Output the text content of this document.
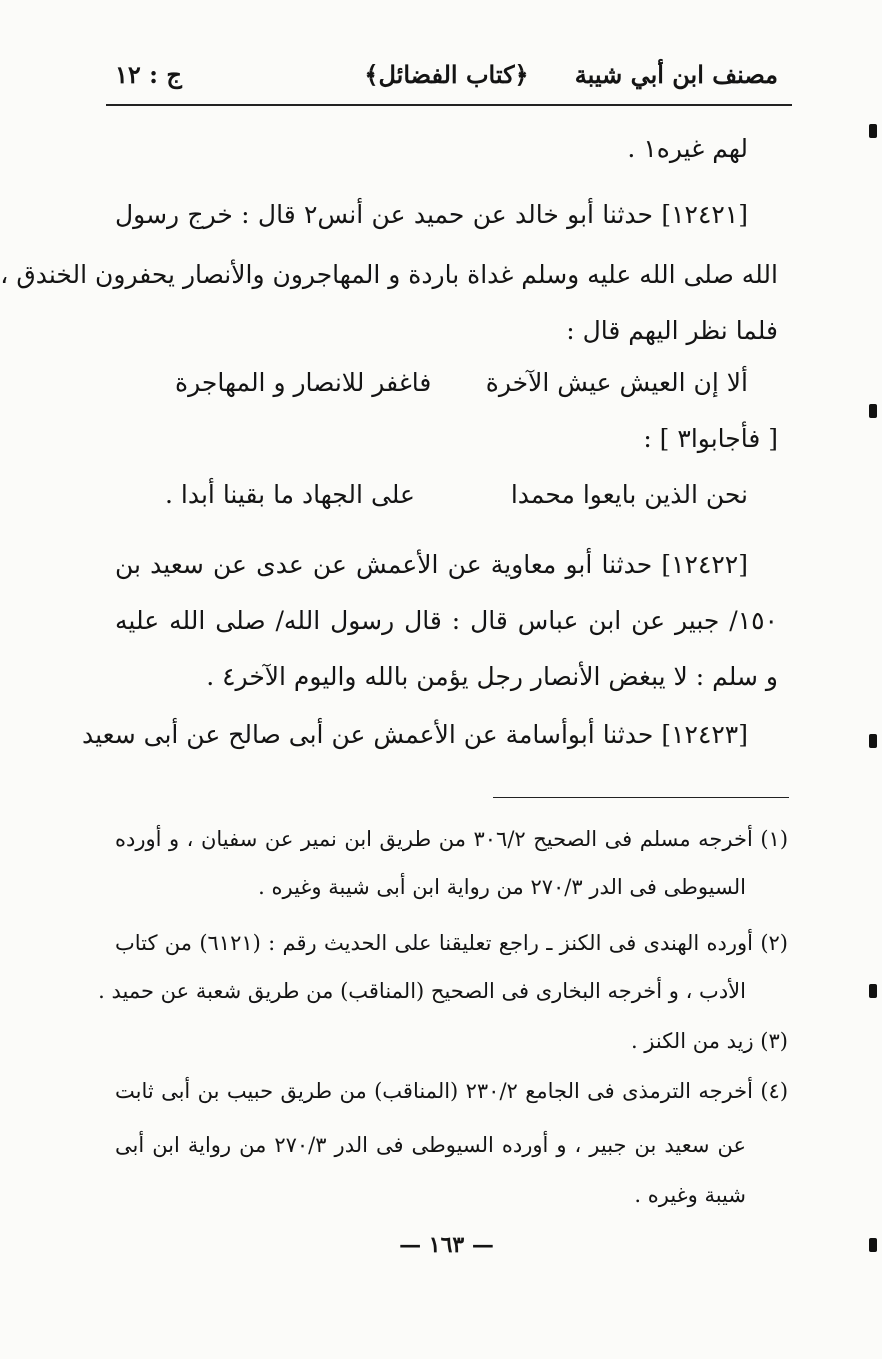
مصنف ابن أبي شيبة
﴿كتاب الفضائل﴾
ج : ١٢
لهم غيره١ .
[١٢٤٢١] حدثنا أبو خالد عن حميد عن أنس٢ قال : خرج رسول
الله صلى الله عليه وسلم غداة باردة و المهاجرون والأنصار يحفرون الخندق ،
فلما نظر اليهم قال :
ألا إن العيش عيش الآخرة
فاغفر للانصار و المهاجرة
[ فأجابوا٣ ] :
نحن الذين بايعوا محمدا
على الجهاد ما بقينا أبدا .
[١٢٤٢٢] حدثنا أبو معاوية عن الأعمش عن عدى عن سعيد بن
١٥٠/ جبير عن ابن عباس قال : قال رسول الله/ صلى الله عليه
و سلم : لا يبغض الأنصار رجل يؤمن بالله واليوم الآخر٤ .
[١٢٤٢٣] حدثنا أبوأسامة عن الأعمش عن أبى صالح عن أبى سعيد
(١) أخرجه مسلم فى الصحيح ٣٠٦/٢ من طريق ابن نمير عن سفيان ، و أورده
السيوطى فى الدر ٢٧٠/٣ من رواية ابن أبى شيبة وغيره .
(٢) أورده الهندى فى الكنز ـ راجع تعليقنا على الحديث رقم : (٦١٢١) من كتاب
الأدب ، و أخرجه البخارى فى الصحيح (المناقب) من طريق شعبة عن حميد .
(٣) زيد من الكنز .
(٤) أخرجه الترمذى فى الجامع ٢٣٠/٢ (المناقب) من طريق حبيب بن أبى ثابت
عن سعيد بن جبير ، و أورده السيوطى فى الدر ٢٧٠/٣ من رواية ابن أبى
شيبة وغيره .
— ١٦٣ —
